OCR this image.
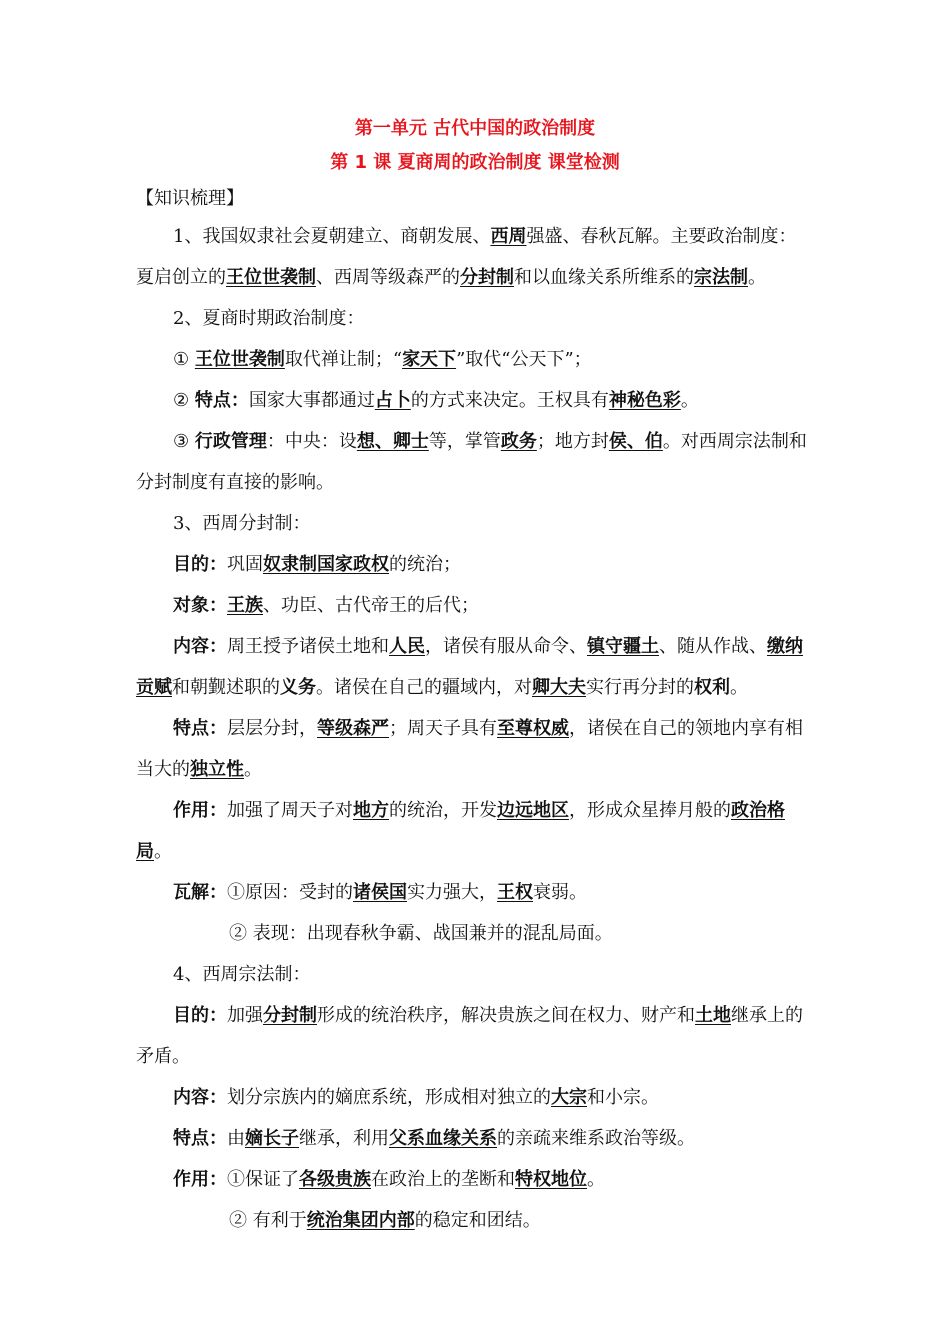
第一单元 古代中国的政治制度
第 1 课 夏商周的政治制度 课堂检测
【知识梳理】

1、我国奴隶社会夏朝建立、商朝发展、西周强盛、春秋瓦解。主要政治制度：夏启创立的王位世袭制、西周等级森严的分封制和以血缘关系所维系的宗法制。

2、夏商时期政治制度：

① 王位世袭制取代禅让制；“家天下”取代“公天下”；

② 特点：国家大事都通过占卜的方式来决定。王权具有神秘色彩。

③ 行政管理：中央：设想、卿士等，掌管政务；地方封侯、伯。对西周宗法制和分封制度有直接的影响。

3、西周分封制：

目的：巩固奴隶制国家政权的统治；

对象：王族、功臣、古代帝王的后代；

内容：周王授予诸侯土地和人民，诸侯有服从命令、镇守疆土、随从作战、缴纳贡赋和朝觐述职的义务。诸侯在自己的疆域内，对卿大夫实行再分封的权利。

特点：层层分封，等级森严；周天子具有至尊权威，诸侯在自己的领地内享有相当大的独立性。

作用：加强了周天子对地方的统治，开发边远地区，形成众星捧月般的政治格局。

瓦解：①原因：受封的诸侯国实力强大，王权衰弱。

② 表现：出现春秋争霸、战国兼并的混乱局面。

4、西周宗法制：

目的：加强分封制形成的统治秩序，解决贵族之间在权力、财产和土地继承上的矛盾。

内容：划分宗族内的嫡庶系统，形成相对独立的大宗和小宗。

特点：由嫡长子继承，利用父系血缘关系的亲疏来维系政治等级。

作用：①保证了各级贵族在政治上的垄断和特权地位。

② 有利于统治集团内部的稳定和团结。
